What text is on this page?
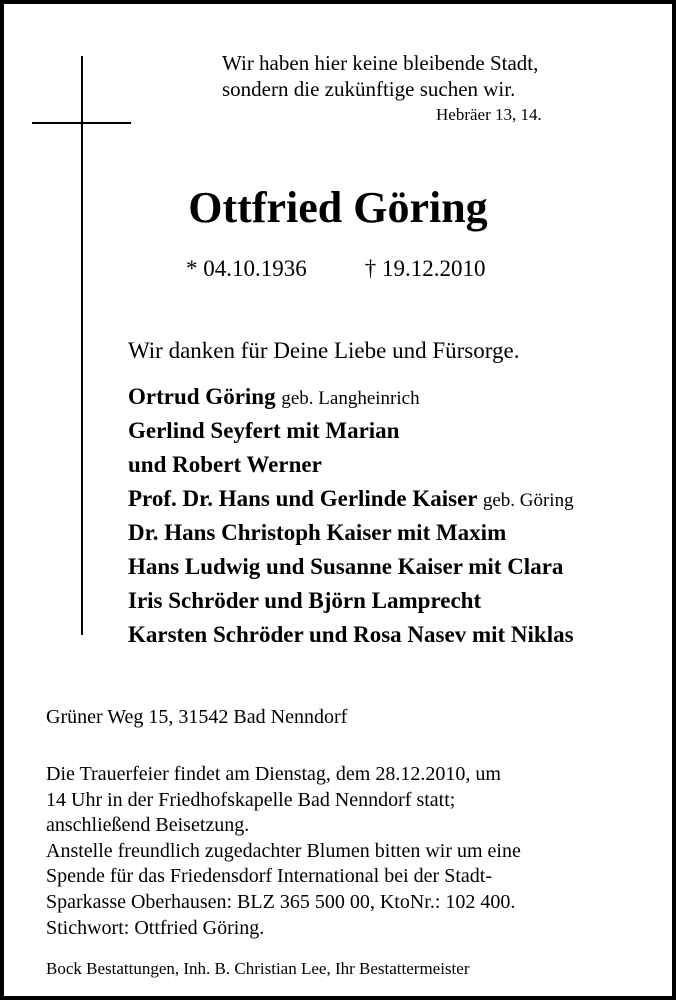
Wir haben hier keine bleibende Stadt,
sondern die zukünftige suchen wir.
Hebräer 13, 14.
Ottfried Göring
* 04.10.1936	† 19.12.2010
Wir danken für Deine Liebe und Fürsorge.
Ortrud Göring geb. Langheinrich
Gerlind Seyfert mit Marian
und Robert Werner
Prof. Dr. Hans und Gerlinde Kaiser geb. Göring
Dr. Hans Christoph Kaiser mit Maxim
Hans Ludwig und Susanne Kaiser mit Clara
Iris Schröder und Björn Lamprecht
Karsten Schröder und Rosa Nasev mit Niklas
Grüner Weg 15, 31542 Bad Nenndorf
Die Trauerfeier findet am Dienstag, dem 28.12.2010, um
14 Uhr in der Friedhofskapelle Bad Nenndorf statt;
anschließend Beisetzung.
Anstelle freundlich zugedachter Blumen bitten wir um eine
Spende für das Friedensdorf International bei der Stadt-
Sparkasse Oberhausen: BLZ 365 500 00, KtoNr.: 102 400.
Stichwort: Ottfried Göring.
Bock Bestattungen, Inh. B. Christian Lee, Ihr Bestattermeister
